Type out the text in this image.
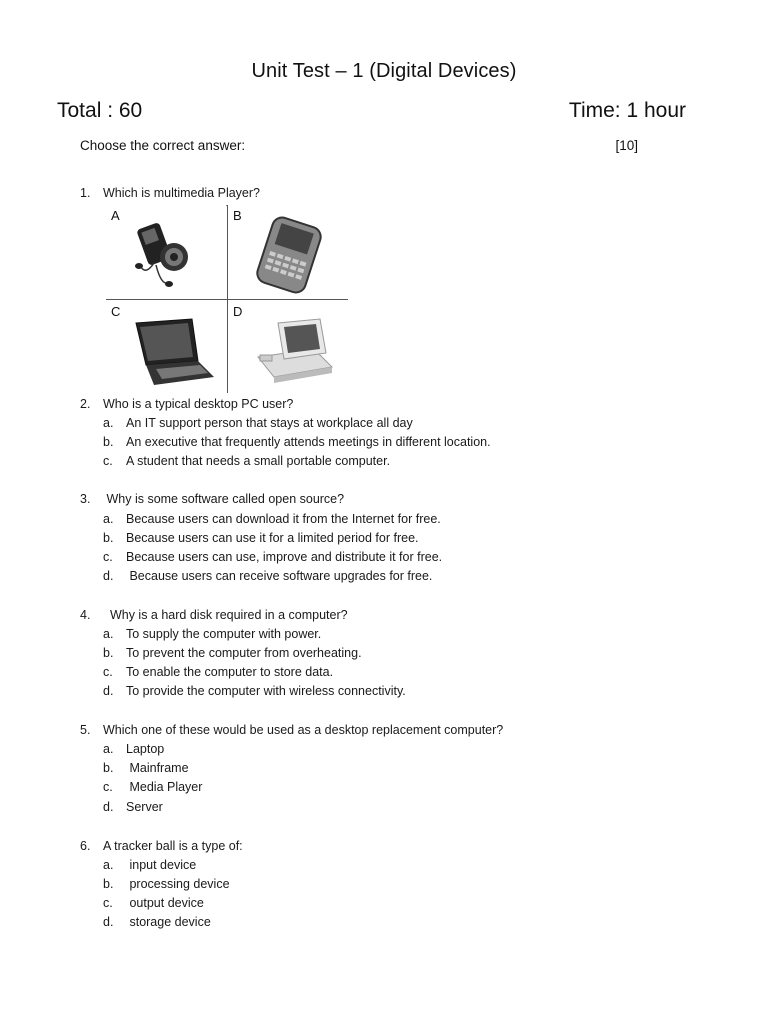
Unit Test – 1 (Digital Devices)
Total : 60	Time: 1 hour
Choose the correct answer:	[10]
1. Which is multimedia Player?
A	B
C	D
2. Who is a typical desktop PC user?
a. An IT support person that stays at workplace all day
b. An executive that frequently attends meetings in different location.
c. A student that needs a small portable computer.
3. Why is some software called open source?
a. Because users can download it from the Internet for free.
b. Because users can use it for a limited period for free.
c. Because users can use, improve and distribute it for free.
d. Because users can receive software upgrades for free.
4.  Why is a hard disk required in a computer?
a. To supply the computer with power.
b. To prevent the computer from overheating.
c. To enable the computer to store data.
d. To provide the computer with wireless connectivity.
5. Which one of these would be used as a desktop replacement computer?
a. Laptop
b. Mainframe
c. Media Player
d. Server
6. A tracker ball is a type of:
a. input device
b. processing device
c. output device
d. storage device
